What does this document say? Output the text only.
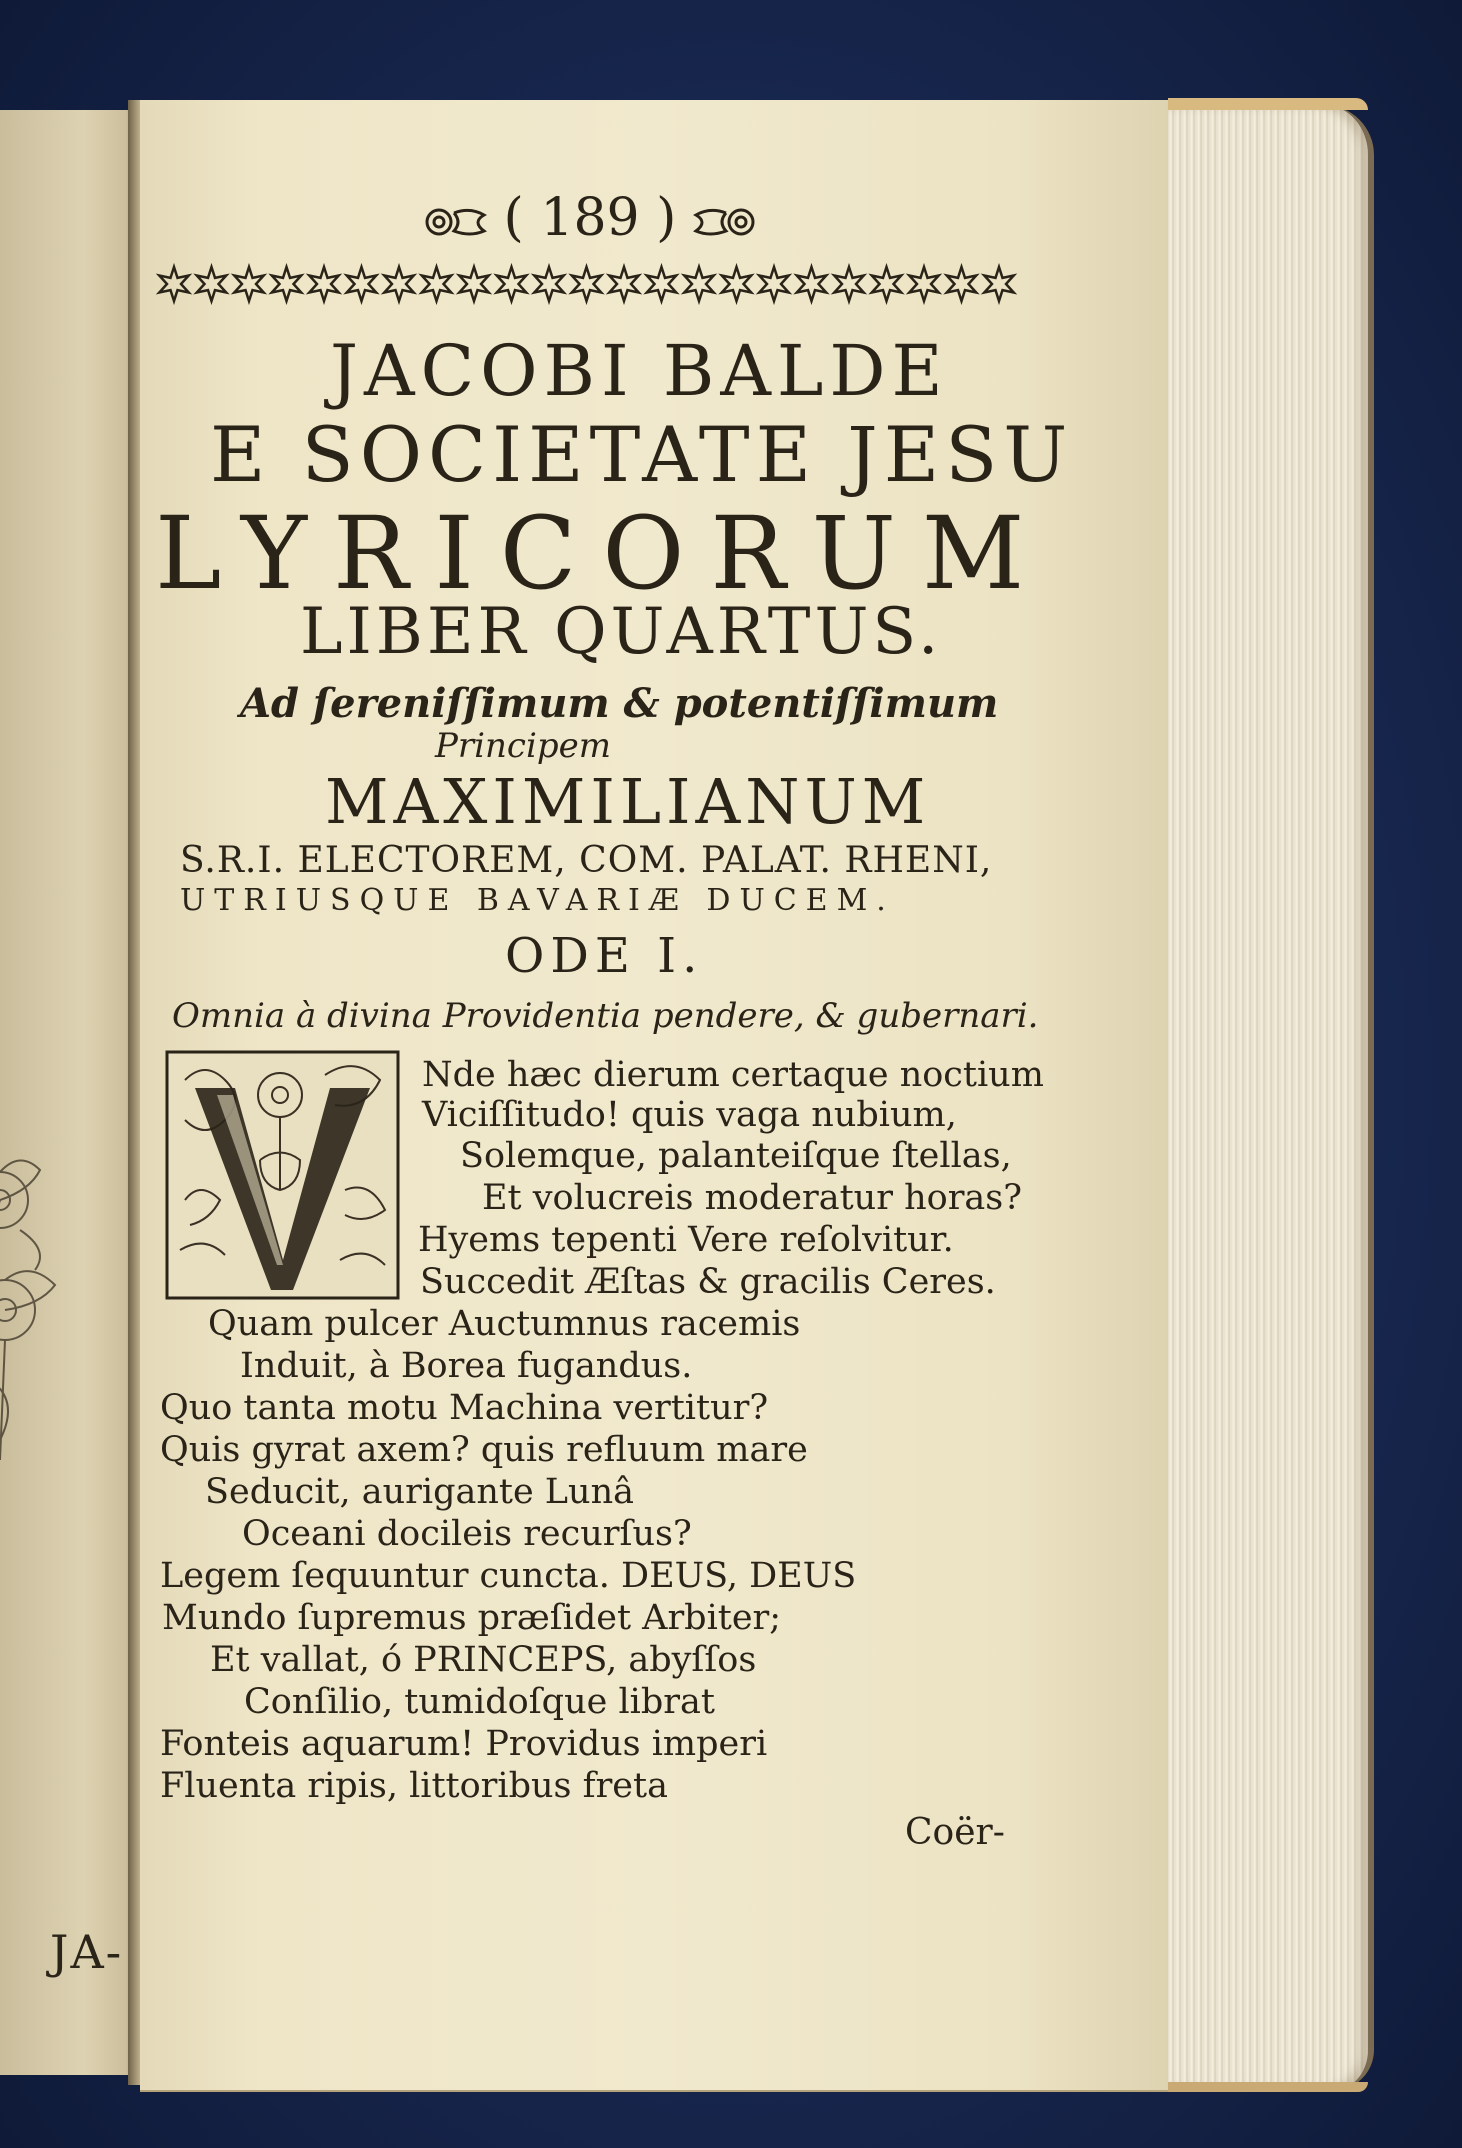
JA-
( 189 )
JACOBI BALDE
E SOCIETATE JESU
LYRICORUM
LIBER QUARTUS.
Ad ſereniſſimum & potentiſſimum
Principem
MAXIMILIANUM
S.R.I. ELECTOREM, COM. PALAT. RHENI,
UTRIUSQUE BAVARIÆ DUCEM.
ODE I.
Omnia à divina Providentia pendere, & gubernari.
Nde hæc dierum certaque noctium
Viciſſitudo! quis vaga nubium,
Solemque, palanteiſque ſtellas,
Et volucreis moderatur horas?
Hyems tepenti Vere reſolvitur.
Succedit Æſtas & gracilis Ceres.
Quam pulcer Auctumnus racemis
Induit, à Borea fugandus.
Quo tanta motu Machina vertitur?
Quis gyrat axem? quis refluum mare
Seducit, aurigante Lunâ
Oceani docileis recurſus?
Legem ſequuntur cuncta. DEUS, DEUS
Mundo ſupremus præſidet Arbiter;
Et vallat, ó PRINCEPS, abyſſos
Conſilio, tumidoſque librat
Fonteis aquarum! Providus imperi
Fluenta ripis, littoribus freta
Coër-
